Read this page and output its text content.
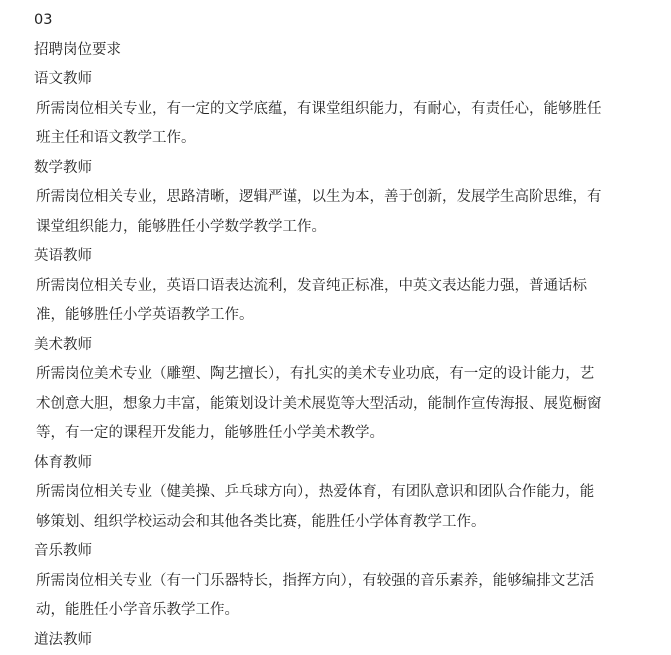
03
招聘岗位要求
语文教师
所需岗位相关专业，有一定的文学底蕴，有课堂组织能力，有耐心，有责任心，能够胜任
班主任和语文教学工作。
数学教师
所需岗位相关专业，思路清晰，逻辑严谨，以生为本，善于创新，发展学生高阶思维，有
课堂组织能力，能够胜任小学数学教学工作。
英语教师
所需岗位相关专业，英语口语表达流利，发音纯正标准，中英文表达能力强，普通话标
准，能够胜任小学英语教学工作。
美术教师
所需岗位美术专业（雕塑、陶艺擅长），有扎实的美术专业功底，有一定的设计能力，艺
术创意大胆，想象力丰富，能策划设计美术展览等大型活动，能制作宣传海报、展览橱窗
等，有一定的课程开发能力，能够胜任小学美术教学。
体育教师
所需岗位相关专业（健美操、乒乓球方向），热爱体育，有团队意识和团队合作能力，能
够策划、组织学校运动会和其他各类比赛，能胜任小学体育教学工作。
音乐教师
所需岗位相关专业（有一门乐器特长，指挥方向），有较强的音乐素养，能够编排文艺活
动，能胜任小学音乐教学工作。
道法教师
